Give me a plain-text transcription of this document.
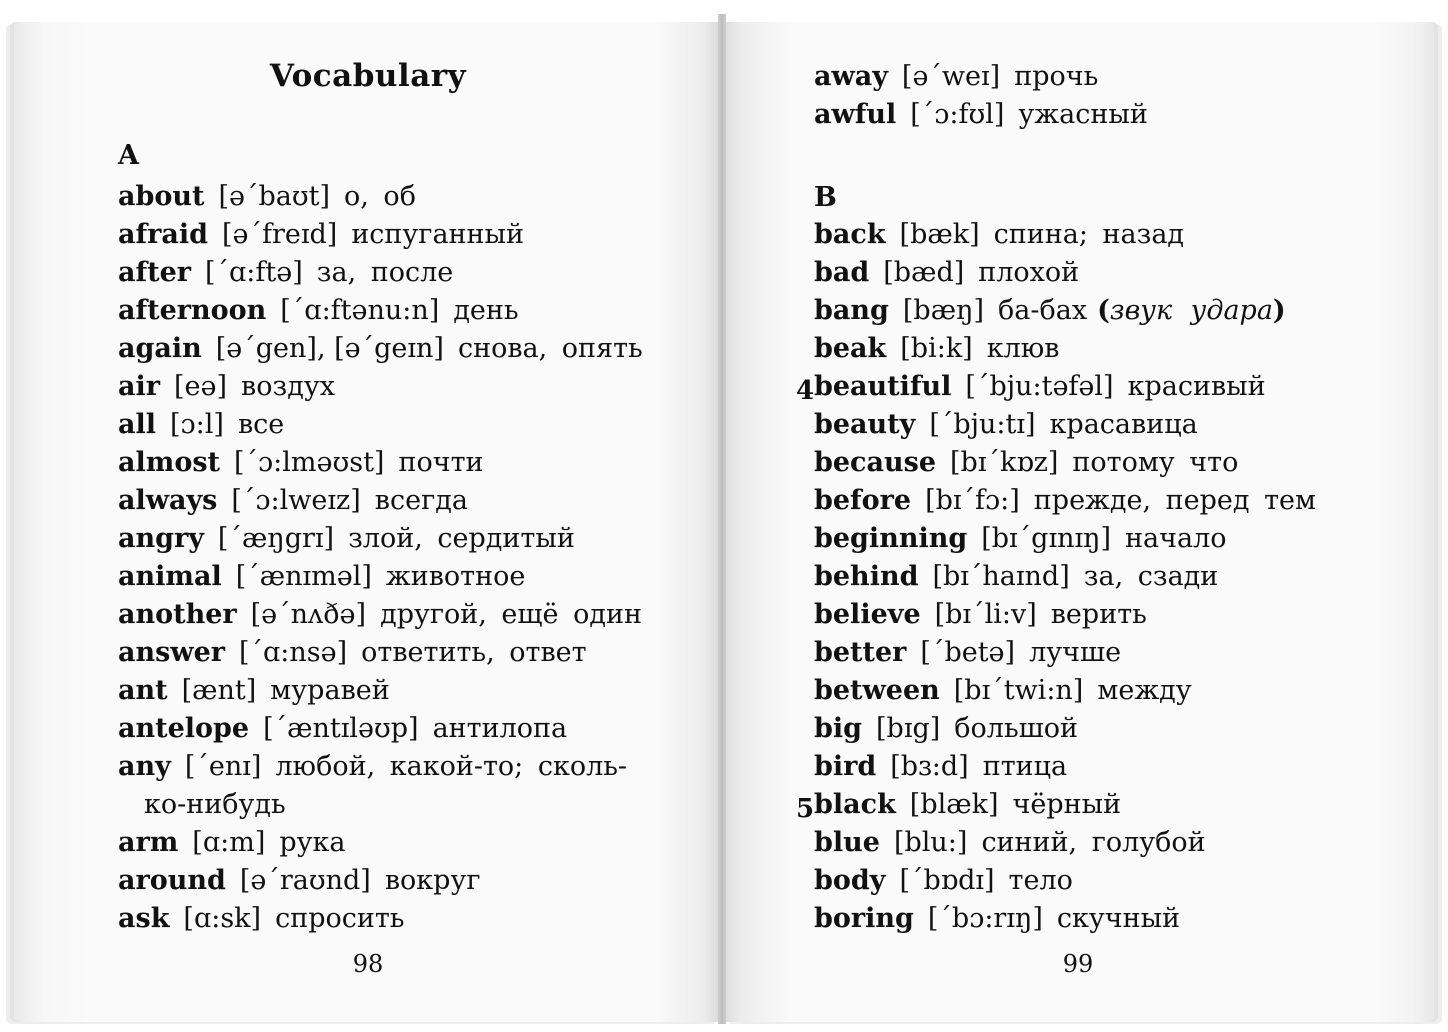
Vocabulary
A
about [əˊbaʊt] о, об
afraid [əˊfreɪd] испуганный
after [ˊɑ:ftə] за, после
afternoon [ˊɑ:ftənu:n] день
again [əˊgen], [əˊgeɪn] снова, опять
air [eə] воздух
all [ɔ:l] все
almost [ˊɔ:lməʊst] почти
always [ˊɔ:lweɪz] всегда
angry [ˊæŋgrɪ] злой, сердитый
animal [ˊænɪməl] животное
another [əˊnʌðə] другой, ещё один
answer [ˊɑ:nsə] ответить, ответ
ant [ænt] муравей
antelope [ˊæntɪləʊp] антилопа
any [ˊenɪ] любой, какой-то; сколь-
ко-нибудь
arm [ɑ:m] рука
around [əˊraʊnd] вокруг
ask [ɑ:sk] спросить
98
away [əˊweɪ] прочь
awful [ˊɔ:fʊl] ужасный
B
back [bæk] спина; назад
bad [bæd] плохой
bang [bæŋ] ба-бах (звук удара)
beak [bi:k] клюв
4 beautiful [ˊbju:təfəl] красивый
beauty [ˊbju:tɪ] красавица
because [bɪˊkɒz] потому что
before [bɪˊfɔ:] прежде, перед тем
beginning [bɪˊgɪnɪŋ] начало
behind [bɪˊhaɪnd] за, сзади
believe [bɪˊli:v] верить
better [ˊbetə] лучше
between [bɪˊtwi:n] между
big [bɪg] большой
bird [bɜ:d] птица
5 black [blæk] чёрный
blue [blu:] синий, голубой
body [ˊbɒdɪ] тело
boring [ˊbɔ:rɪŋ] скучный
99
